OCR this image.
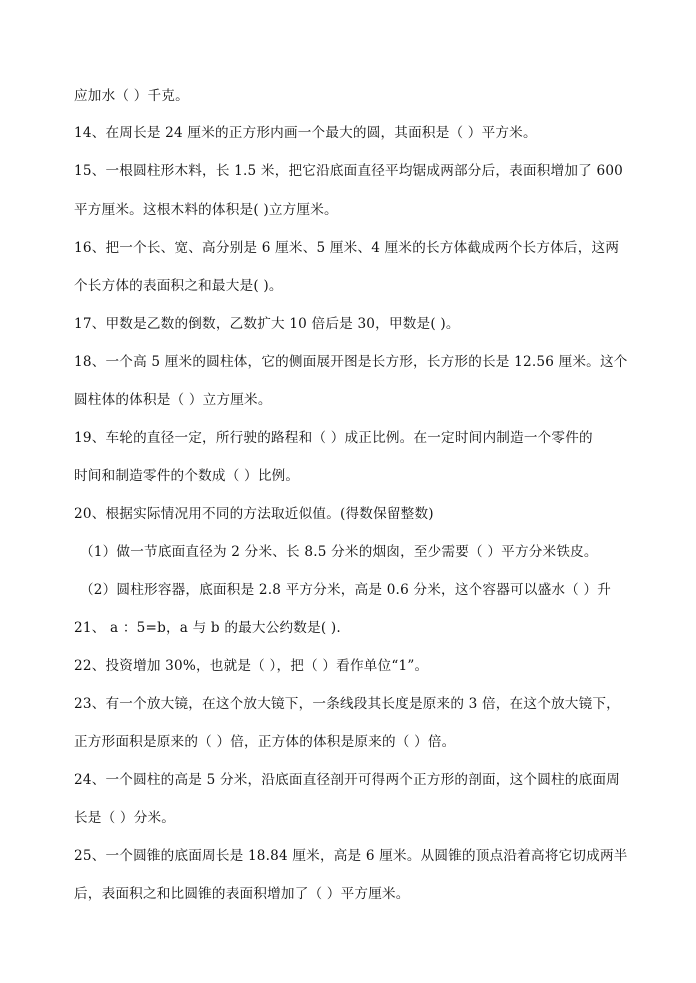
应加水（ ）千克。
14、在周长是 24 厘米的正方形内画一个最大的圆，其面积是（ ）平方米。
15、一根圆柱形木料，长 1.5 米，把它沿底面直径平均锯成两部分后，表面积增加了 600
平方厘米。这根木料的体积是( )立方厘米。
16、把一个长、宽、高分别是 6 厘米、5 厘米、4 厘米的长方体截成两个长方体后，这两
个长方体的表面积之和最大是( )。
17、甲数是乙数的倒数，乙数扩大 10 倍后是 30，甲数是( )。
18、一个高 5 厘米的圆柱体，它的侧面展开图是长方形，长方形的长是 12.56 厘米。这个
圆柱体的体积是（ ）立方厘米。
19、车轮的直径一定，所行驶的路程和（ ）成正比例。在一定时间内制造一个零件的
时间和制造零件的个数成（ ）比例。
20、根据实际情况用不同的方法取近似值。(得数保留整数)
（1）做一节底面直径为 2 分米、长 8.5 分米的烟囱，至少需要（ ）平方分米铁皮。
（2）圆柱形容器，底面积是 2.8 平方分米，高是 0.6 分米，这个容器可以盛水（ ）升
21、 a ：5=b，a 与 b 的最大公约数是( ).
22、投资增加 30%，也就是（ ），把（ ）看作单位“1”。
23、有一个放大镜，在这个放大镜下，一条线段其长度是原来的 3 倍，在这个放大镜下，
正方形面积是原来的（ ）倍，正方体的体积是原来的（ ）倍。
24、一个圆柱的高是 5 分米，沿底面直径剖开可得两个正方形的剖面，这个圆柱的底面周
长是（ ）分米。
25、一个圆锥的底面周长是 18.84 厘米，高是 6 厘米。从圆锥的顶点沿着高将它切成两半
后，表面积之和比圆锥的表面积增加了（ ）平方厘米。
